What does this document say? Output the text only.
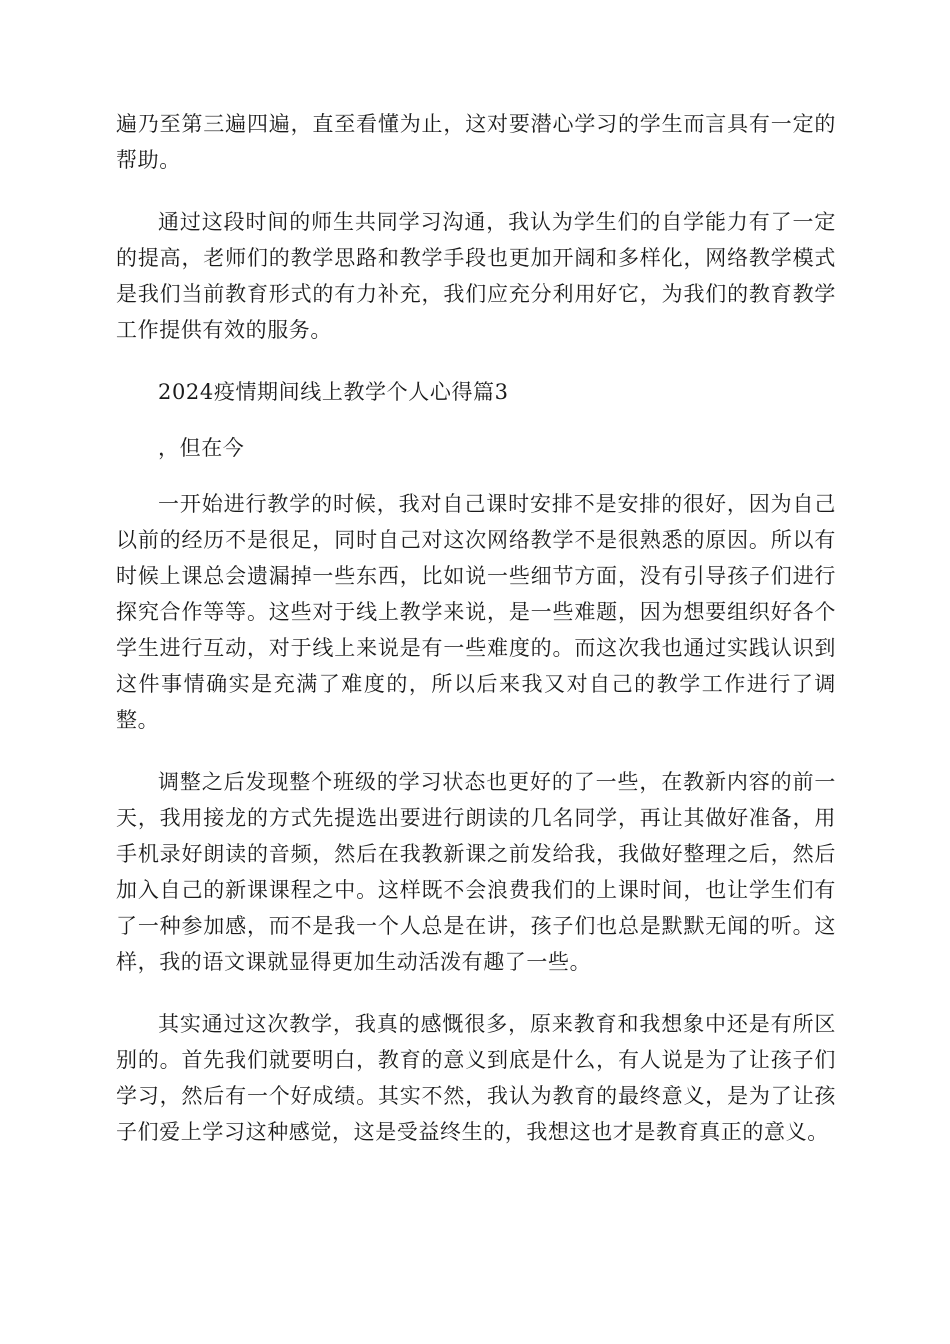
遍乃至第三遍四遍，直至看懂为止，这对要潜心学习的学生而言具有一定的帮助。

通过这段时间的师生共同学习沟通，我认为学生们的自学能力有了一定的提高，老师们的教学思路和教学手段也更加开阔和多样化，网络教学模式是我们当前教育形式的有力补充，我们应充分利用好它，为我们的教育教学工作提供有效的服务。

2024疫情期间线上教学个人心得篇3

，但在今

一开始进行教学的时候，我对自己课时安排不是安排的很好，因为自己以前的经历不是很足，同时自己对这次网络教学不是很熟悉的原因。所以有时候上课总会遗漏掉一些东西，比如说一些细节方面，没有引导孩子们进行探究合作等等。这些对于线上教学来说，是一些难题，因为想要组织好各个学生进行互动，对于线上来说是有一些难度的。而这次我也通过实践认识到这件事情确实是充满了难度的，所以后来我又对自己的教学工作进行了调整。

调整之后发现整个班级的学习状态也更好的了一些，在教新内容的前一天，我用接龙的方式先提选出要进行朗读的几名同学，再让其做好准备，用手机录好朗读的音频，然后在我教新课之前发给我，我做好整理之后，然后加入自己的新课课程之中。这样既不会浪费我们的上课时间，也让学生们有了一种参加感，而不是我一个人总是在讲，孩子们也总是默默无闻的听。这样，我的语文课就显得更加生动活泼有趣了一些。

其实通过这次教学，我真的感慨很多，原来教育和我想象中还是有所区别的。首先我们就要明白，教育的意义到底是什么，有人说是为了让孩子们学习，然后有一个好成绩。其实不然，我认为教育的最终意义，是为了让孩子们爱上学习这种感觉，这是受益终生的，我想这也才是教育真正的意义。
